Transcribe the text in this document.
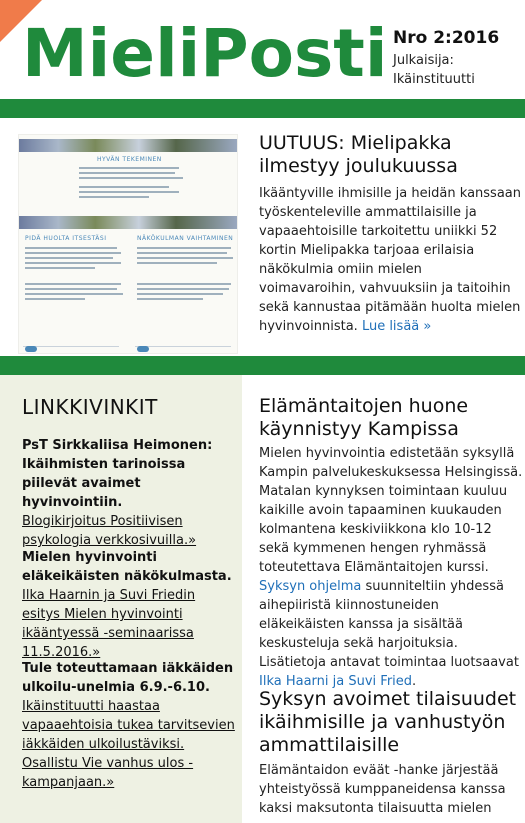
MieliPosti Nro 2:2016
Julkaisija:
Ikäinstituutti
HYVÄN TEKEMINEN
PIDÄ HUOLTA ITSESTÄSI	NÄKÖKULMAN VAIHTAMINEN
UUTUUS: Mielipakka ilmestyy joulukuussa
Ikääntyville ihmisille ja heidän kanssaan työskenteleville ammattilaisille ja vapaaehtoisille tarkoitettu uniikki 52 kortin Mielipakka tarjoaa erilaisia näkökulmia omiin mielen voimavaroihin, vahvuuksiin ja taitoihin sekä kannustaa pitämään huolta mielen hyvinvoinnista. Lue lisää »
LINKKIVINKIT
PsT Sirkkaliisa Heimonen: Ikäihmisten tarinoissa piilevät avaimet hyvinvointiin.
Blogikirjoitus Positiivisen psykologia verkkosivuilla.»
Mielen hyvinvointi eläkeikäisten näkökulmasta.
Ilka Haarnin ja Suvi Friedin esitys Mielen hyvinvointi ikääntyessä -seminaarissa 11.5.2016.»
Tule toteuttamaan iäkkäiden ulkoilu-unelmia 6.9.-6.10.
Ikäinstituutti haastaa vapaaehtoisia tukea tarvitsevien iäkkäiden ulkoilustäviksi. Osallistu Vie vanhus ulos -kampanjaan.»
Elämäntaitojen huone käynnistyy Kampissa
Mielen hyvinvointia edistetään syksyllä Kampin palvelukeskuksessa Helsingissä. Matalan kynnyksen toimintaan kuuluu kaikille avoin tapaaminen kuukauden kolmantena keskiviikkona klo 10-12 sekä kymmenen hengen ryhmässä toteutettava Elämäntaitojen kurssi. Syksyn ohjelma suunniteltiin yhdessä aihepiiristä kiinnostuneiden eläkeikäisten kanssa ja sisältää keskusteluja sekä harjoituksia. Lisätietoja antavat toimintaa luotsaavat Ilka Haarni ja Suvi Fried.
Syksyn avoimet tilaisuudet ikäihmisille ja vanhustyön ammattilaisille
Elämäntaidon eväät -hanke järjestää yhteistyössä kumppaneidensa kanssa kaksi maksutonta tilaisuutta mielen
